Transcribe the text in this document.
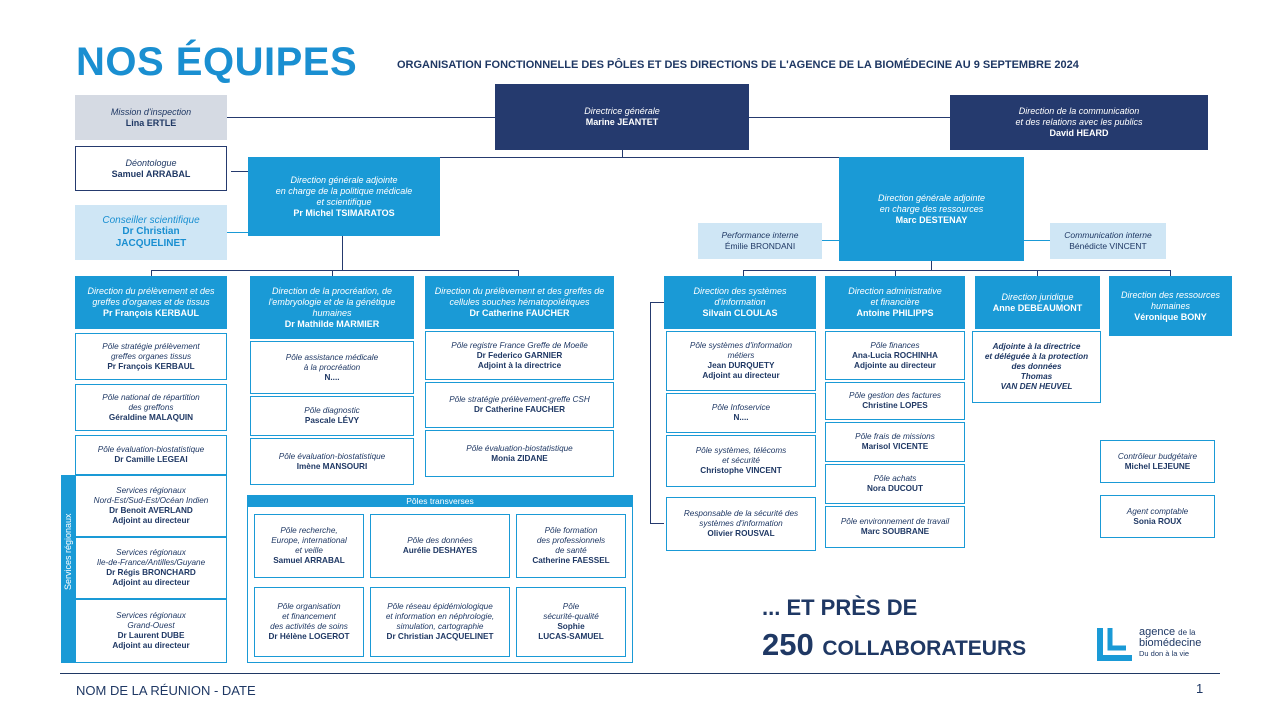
NOS ÉQUIPES	ORGANISATION FONCTIONNELLE DES PÔLES ET DES DIRECTIONS DE L'AGENCE DE LA BIOMÉDECINE AU 9 SEPTEMBRE 2024
Mission d'inspection
Lina ERTLE
Déontologue
Samuel ARRABAL
Directrice générale
Marine JEANTET
Direction de la communication
et des relations avec les publics
David HEARD
Conseiller scientifique
Dr Christian
JACQUELINET
Direction générale adjointe
en charge de la politique médicale
et scientifique
Pr Michel TSIMARATOS
Direction générale adjointe
en charge des ressources
Marc DESTENAY
Performance interne
Émilie BRONDANI
Communication interne
Bénédicte VINCENT
Direction du prélèvement et des
greffes d'organes et de tissus
Pr François KERBAUL
Pôle stratégie prélèvement
greffes organes tissus
Pr François KERBAUL
Pôle national de répartition
des greffons
Géraldine MALAQUIN
Pôle évaluation-biostatistique
Dr Camille LEGEAI
Services régionaux
Services régionaux
Nord-Est/Sud-Est/Océan Indien
Dr Benoit AVERLAND
Adjoint au directeur
Services régionaux
Ile-de-France/Antilles/Guyane
Dr Régis BRONCHARD
Adjoint au directeur
Services régionaux
Grand-Ouest
Dr Laurent DUBE
Adjoint au directeur
Direction de la procréation, de
l'embryologie et de la génétique
humaines
Dr Mathilde MARMIER
Pôle assistance médicale
à la procréation
N....
Pôle diagnostic
Pascale LÉVY
Pôle évaluation-biostatistique
Imène MANSOURI
Direction du prélèvement et des greffes de
cellules souches hématopoïétiques
Dr Catherine FAUCHER
Pôle registre France Greffe de Moelle
Dr Federico GARNIER
Adjoint à la directrice
Pôle stratégie prélèvement-greffe CSH
Dr Catherine FAUCHER
Pôle évaluation-biostatistique
Monia ZIDANE
Pôles transverses
Pôle recherche,
Europe, international
et veille
Samuel ARRABAL
Pôle des données
Aurélie DESHAYES
Pôle formation
des professionnels
de santé
Catherine FAESSEL
Pôle organisation
et financement
des activités de soins
Dr Hélène LOGEROT
Pôle réseau épidémiologique
et information en néphrologie,
simulation, cartographie
Dr Christian JACQUELINET
Pôle
sécurité-qualité
Sophie
LUCAS-SAMUEL
Direction des systèmes
d'information
Silvain CLOULAS
Pôle systèmes d'information
métiers
Jean DURQUETY
Adjoint au directeur
Pôle Infoservice
N....
Pôle systèmes, télécoms
et sécurité
Christophe VINCENT
Responsable de la sécurité des
systèmes d'information
Olivier ROUSVAL
Direction administrative
et financière
Antoine PHILIPPS
Pôle finances
Ana-Lucia ROCHINHA
Adjointe au directeur
Pôle gestion des factures
Christine LOPES
Pôle frais de missions
Marisol VICENTE
Pôle achats
Nora DUCOUT
Pôle environnement de travail
Marc SOUBRANE
Direction juridique
Anne DEBEAUMONT
Adjointe à la directrice
et déléguée à la protection
des données
Thomas
VAN DEN HEUVEL
Direction des ressources
humaines
Véronique BONY
Contrôleur budgétaire
Michel LEJEUNE
Agent comptable
Sonia ROUX
... ET PRÈS DE
250 COLLABORATEURS
agence de la
biomédecine
Du don à la vie
NOM DE LA RÉUNION - DATE	1
